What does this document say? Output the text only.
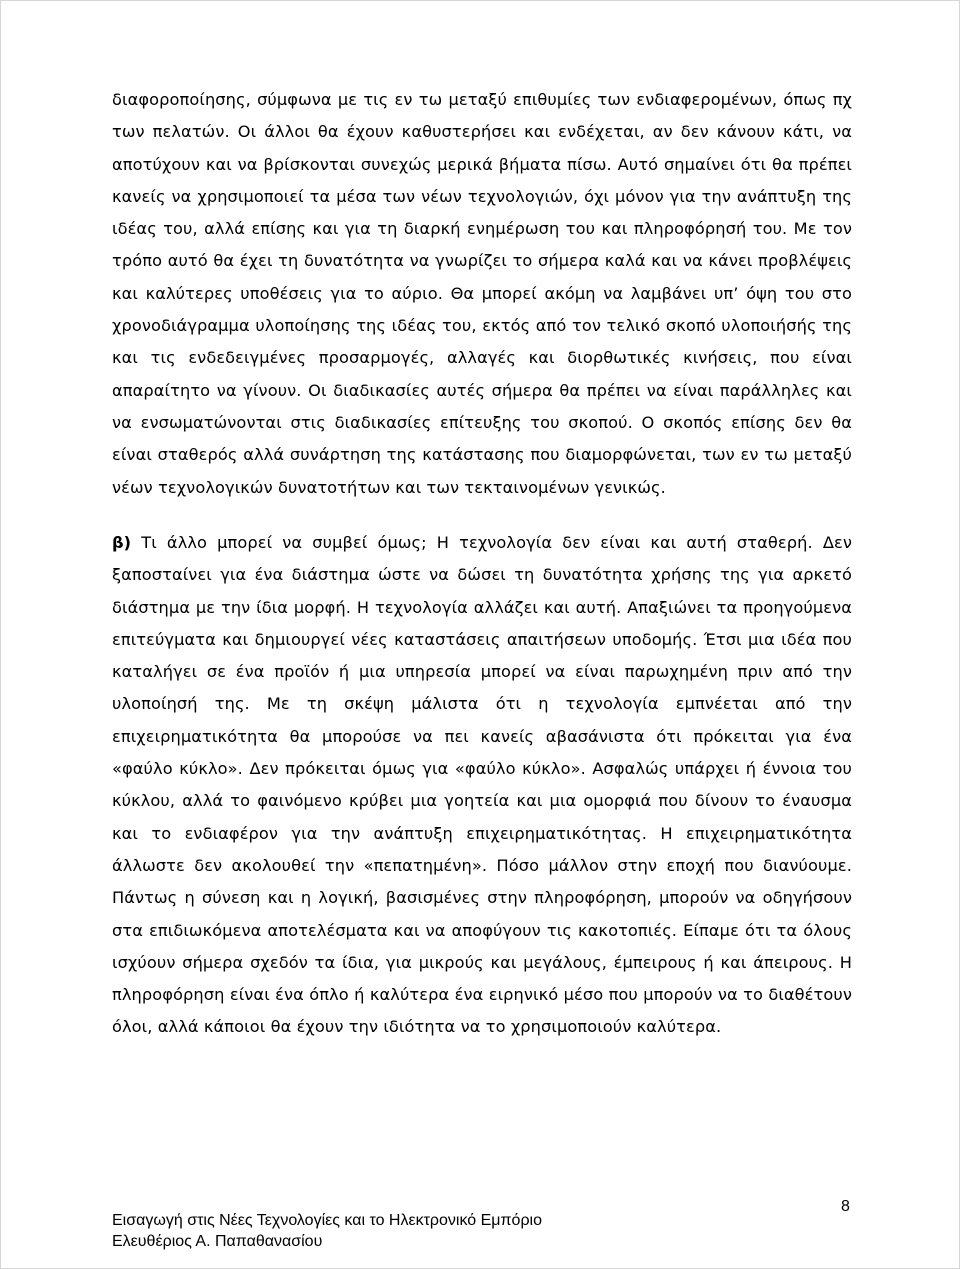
διαφοροποίησης, σύμφωνα με τις εν τω μεταξύ επιθυμίες των ενδιαφερομένων, όπως πχ των πελατών. Οι άλλοι θα έχουν καθυστερήσει και ενδέχεται, αν δεν κάνουν κάτι, να αποτύχουν και να βρίσκονται συνεχώς μερικά βήματα πίσω. Αυτό σημαίνει ότι θα πρέπει κανείς να χρησιμοποιεί τα μέσα των νέων τεχνολογιών, όχι μόνον για την ανάπτυξη της ιδέας του, αλλά επίσης και για τη διαρκή ενημέρωση του και πληροφόρησή του. Με τον τρόπο αυτό θα έχει τη δυνατότητα να γνωρίζει το σήμερα καλά και να κάνει προβλέψεις και καλύτερες υποθέσεις για το αύριο. Θα μπορεί ακόμη να λαμβάνει υπ’ όψη του στο χρονοδιάγραμμα υλοποίησης της ιδέας του, εκτός από τον τελικό σκοπό υλοποιήσής της και τις ενδεδειγμένες προσαρμογές, αλλαγές και διορθωτικές κινήσεις, που είναι απαραίτητο να γίνουν. Οι διαδικασίες αυτές σήμερα θα πρέπει να είναι παράλληλες και να ενσωματώνονται στις διαδικασίες επίτευξης του σκοπού. Ο σκοπός επίσης δεν θα είναι σταθερός αλλά συνάρτηση της κατάστασης που διαμορφώνεται, των εν τω μεταξύ νέων τεχνολογικών δυνατοτήτων και των τεκταινομένων γενικώς.

β) Τι άλλο μπορεί να συμβεί όμως; Η τεχνολογία δεν είναι και αυτή σταθερή. Δεν ξαποσταίνει για ένα διάστημα ώστε να δώσει τη δυνατότητα χρήσης της για αρκετό διάστημα με την ίδια μορφή. Η τεχνολογία αλλάζει και αυτή. Απαξιώνει τα προηγούμενα επιτεύγματα και δημιουργεί νέες καταστάσεις απαιτήσεων υποδομής. Έτσι μια ιδέα που καταλήγει σε ένα προϊόν ή μια υπηρεσία μπορεί να είναι παρωχημένη πριν από την υλοποίησή της. Με τη σκέψη μάλιστα ότι η τεχνολογία εμπνέεται από την επιχειρηματικότητα θα μπορούσε να πει κανείς αβασάνιστα ότι πρόκειται για ένα «φαύλο κύκλο». Δεν πρόκειται όμως για «φαύλο κύκλο». Ασφαλώς υπάρχει ή έννοια του κύκλου, αλλά το φαινόμενο κρύβει μια γοητεία και μια ομορφιά που δίνουν το έναυσμα και το ενδιαφέρον για την ανάπτυξη επιχειρηματικότητας. Η επιχειρηματικότητα άλλωστε δεν ακολουθεί την «πεπατημένη». Πόσο μάλλον στην εποχή που διανύουμε. Πάντως η σύνεση και η λογική, βασισμένες στην πληροφόρηση, μπορούν να οδηγήσουν στα επιδιωκόμενα αποτελέσματα και να αποφύγουν τις κακοτοπιές. Είπαμε ότι τα όλους ισχύουν σήμερα σχεδόν τα ίδια, για μικρούς και μεγάλους, έμπειρους ή και άπειρους. Η πληροφόρηση είναι ένα όπλο ή καλύτερα ένα ειρηνικό μέσο που μπορούν να το διαθέτουν όλοι, αλλά κάποιοι θα έχουν την ιδιότητα να το χρησιμοποιούν καλύτερα.

Εισαγωγή στις Νέες Τεχνολογίες και το Ηλεκτρονικό Εμπόριο
Ελευθέριος Α. Παπαθανασίου
8
